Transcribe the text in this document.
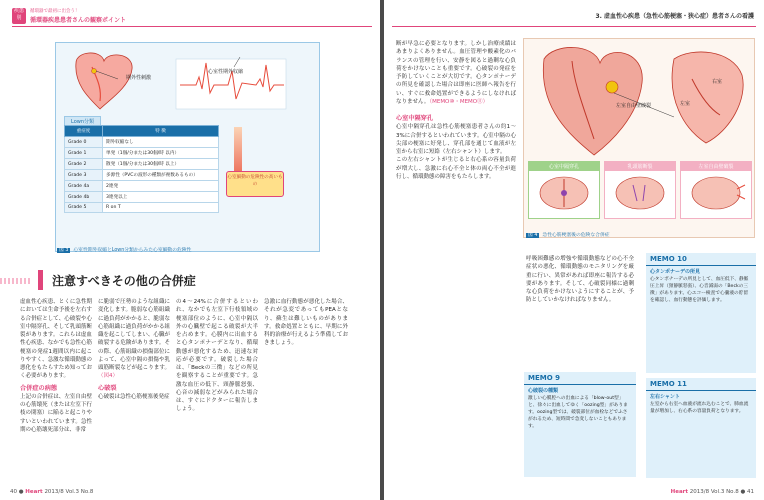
疾患別
循環器で最初に出会う！
循環器疾患患者さんの観察ポイント
期外性刺激
心室性期外収縮
Lown分類
重症度	特 徴
Grade 0	期外収縮なし
Grade 1	単発（1個/分または30個/時 以内）
Grade 2	散発（1個/分または30個/時 以上）
Grade 3	多源性（PVCの波形の種類が複数あるもの）
Grade 4a	2連発
Grade 4b	3連発以上
Grade 5	R on T
心室細動の危険性の高いもの
図 3 心室性期外収縮とLown分類からみた心室細動の危険性
注意すべきその他の合併症

虚血性心疾患、とくに急性期においては生命予後を左右する合併症として、心破裂や心室中隔穿孔、そして乳頭筋断裂があります。これらは虚血性心疾患、なかでも急性心筋梗塞の発症1週間以内に起こりやすく、急激な循環動態の悪化をもたらすため知っておく必要があります。

合併症の病態

上記の合併症は、左室自由壁の心筋壊死（または左室下行枝の閉塞）に陥ると起こりやすいといわれています。急性期の心筋壊死部分は、非常

に脆弱で圧勢のような組織に変化します。脆弱な心筋組織に過負荷がかかると、脆弱な心筋組織に過負荷がかかる組織を起こしてしまい、心臓が破裂する危険があります。その際、心筋組織の損傷部位によって、心室中隔の損傷や乳頭筋断裂などが起こります。（図4）

心破裂

心破裂は急性心筋梗塞後発症

の4〜24%に合併するといわれ、なかでも左室下行枝領域の梗塞部位のように、心室中隔以外の心臓壁で起こる破裂が大半を占めます。心膜内に出血すると心タンポナーデとなり、循環動態が悪化するため、迅速な対応が必要です。破裂した場合は、「Beckの三徴」などの所見を観察することが重要です。急激な血圧の低下、頸静脈怒張、心音の減弱などがみられた場合は、すぐにドクターに報告しましょう。

急激に血行動態が悪化した場合、それが急変であってもPEAとなり、蘇生は難しいものがあります。救命処置とともに、早期に外科的治療が行えるよう準備しておきましょう。

40 ● Heart 2013/8 Vol.3 No.8
3. 虚血性心疾患（急性心筋梗塞・狭心症）患者さんの看護

断が早急に必要となります。しかし治療成績はあまりよくありません。血圧管理や酸素化のバランスの管理を行い、安静を図ると過剰な心負荷をかけないことも重要です。心破裂の発症を予防していくことが大切です。心タンポナーデの所見を確認した場合は即座に医師へ報告を行い、すぐに救命処置ができるようにしなければなりません。（MEMO⑩・MEMO⑪）

心室中隔穿孔

心室中隔穿孔は急性心筋梗塞患者さんの約1〜3%に合併するといわれています。心室中隔の心尖部の梗塞に好発し、穿孔部を通じて血液が左室から右室に短絡（左右シャント）します。

この左右シャントが生じると右心系の容量負荷が増大し、急激に右心不全と体の両心不全が進行し、循環動態の障害をもたらします。

左室自由壁破裂
右室
左室
心室中隔穿孔	乳頭筋断裂	左室自由壁破裂
図 4 急性心筋梗塞後の危険な合併症

呼吸困難感の増強や循環動態などの心不全症状の悪化、循環動態のモニタリングを厳重に行い、異常があれば即座に報告する必要があります。そして、心破裂同様に過剰な心負荷をかけないようにすることが、予防としていかなければなりません。

MEMO 9
心破裂の種類
激しい心膜腔への出血による「blow-out型」と、徐々に出血してゆく「oozing型」があります。oozing型では、破裂部位が血栓などでふさがれるため、短時間で急変しないこともあります。
MEMO 10
心タンポナーデの所見
心タンポナーデの所見として、血圧低下、静脈圧上昇（頸静脈怒張）、心音減弱の「Beckの三徴」があります。心エコー検査で心嚢液の貯留を確認し、血行動態を評価します。
MEMO 11
左右シャント
左室から右室へ血液が流れ込むことで、肺血流量が増加し、右心系の容量負荷となります。
Heart 2013/8 Vol.3 No.8 ● 41
